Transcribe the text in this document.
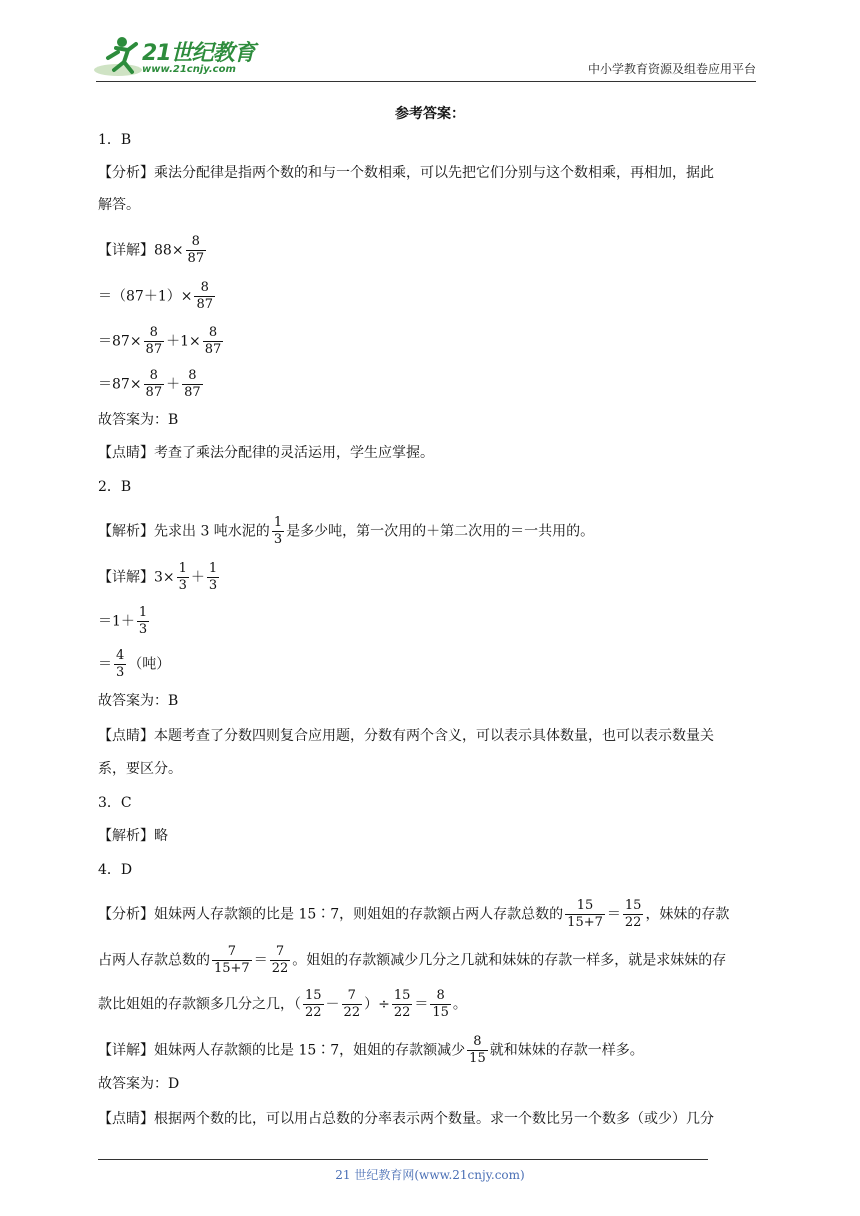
21世纪教育
www.21cnjy.com	中小学教育资源及组卷应用平台
参考答案：
1．B
【分析】乘法分配律是指两个数的和与一个数相乘，可以先把它们分别与这个数相乘，再相加，据此
解答。
【详解】$88\times \frac{8}{87}$
$=(87+1)\times \frac{8}{87}$
$=87\times \frac{8}{87} +1\times \frac{8}{87}$
$=87\times \frac{8}{87} + \frac{8}{87}$
故答案为：B
【点睛】考查了乘法分配律的灵活运用，学生应掌握。
2．B
【解析】先求出 3 吨水泥的 $\frac{1}{3}$ 是多少吨，第一次用的＋第二次用的＝一共用的。
【详解】$3\times \frac{1}{3} + \frac{1}{3}$
$=1+ \frac{1}{3}$
＝ $\frac{4}{3}$ （吨）
故答案为：B
【点睛】本题考查了分数四则复合应用题，分数有两个含义，可以表示具体数量，也可以表示数量关
系，要区分。
3．C
【解析】略
4．D
【分析】姐妹两人存款额的比是 15∶7，则姐姐的存款额占两人存款总数的 $\frac{15}{15+7} = \frac{15}{22}$ ，妹妹的存款
占两人存款总数的 $\frac{7}{15+7} = \frac{7}{22}$ 。姐姐的存款额减少几分之几就和妹妹的存款一样多，就是求妹妹的存
款比姐姐的存款额多几分之几，（ $\frac{15}{22} - \frac{7}{22}$ ）÷ $\frac{15}{22} = \frac{8}{15}$ 。
【详解】姐妹两人存款额的比是 15∶7，姐姐的存款额减少 $\frac{8}{15}$ 就和妹妹的存款一样多。
故答案为：D
【点睛】根据两个数的比，可以用占总数的分率表示两个数量。求一个数比另一个数多（或少）几分
21 世纪教育网(www.21cnjy.com)
